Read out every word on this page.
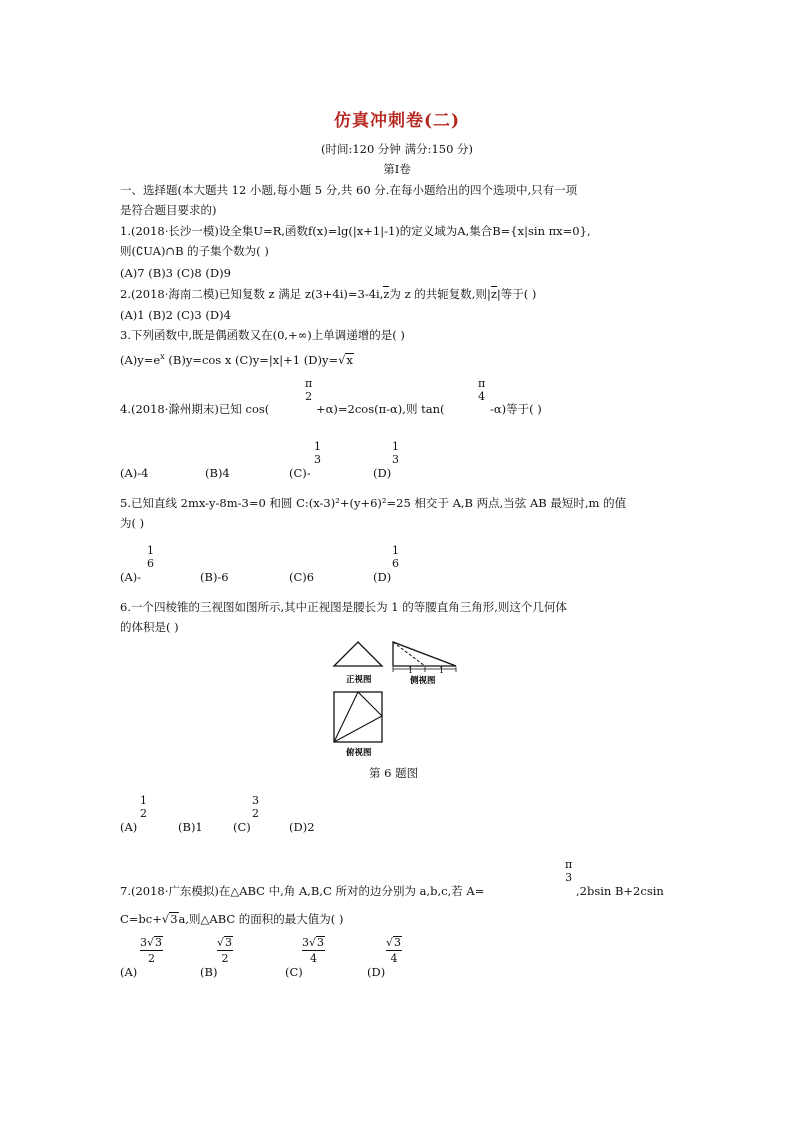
仿真冲刺卷(二)
(时间:120 分钟 满分:150 分)
第Ⅰ卷
一、选择题(本大题共 12 小题,每小题 5 分,共 60 分.在每小题给出的四个选项中,只有一项
是符合题目要求的)
1.(2018·长沙一模)设全集U=R,函数f(x)=lg(|x+1|-1)的定义域为A,集合B={x|sin πx=0},
则(∁UA)∩B 的子集个数为( )
(A)7 (B)3 (C)8 (D)9
2.(2018·海南二模)已知复数 z 满足 z(3+4i)=3-4i,z为 z 的共轭复数,则|z|等于( )
(A)1 (B)2 (C)3 (D)4
3.下列函数中,既是偶函数又在(0,+∞)上单调递增的是( )
$(A)y=e^x$ (B)y=cos x (C)y=|x|+1 (D)y=√x
4.(2018·滁州期末)已知 cos(
π
2
+α)=2cos(π-α),则 tan(
π
4
-α)等于( )
(A)-4	(B)4	(C)-
1
3
(D)
1
3
5.已知直线 2mx-y-8m-3=0 和圆 C:(x-3)²+(y+6)²=25 相交于 A,B 两点,当弦 AB 最短时,m 的值
为( )
(A)-
1
6
(B)-6	(C)6	(D)
1
6
6.一个四棱锥的三视图如图所示,其中正视图是腰长为 1 的等腰直角三角形,则这个几何体
的体积是( )
1	1
正视图	侧视图
俯视图
第 6 题图
(A)
1
2
(B)1	(C)
3
2
(D)2
7.(2018·广东模拟)在△ABC 中,角 A,B,C 所对的边分别为 a,b,c,若 A=
π
3
,2bsin B+2csin
C=bc+√3a,则△ABC 的面积的最大值为( )
(A)
3√3
2
(B)
√3
2
(C)
3√3
4
(D)
√3
4
